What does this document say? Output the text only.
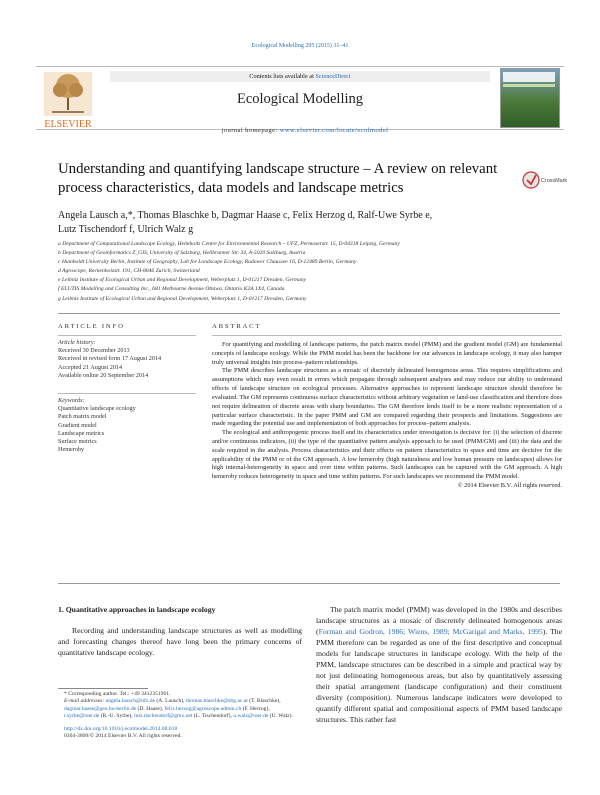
Ecological Modelling 295 (2015) 31–41
ELSEVIER
Contents lists available at ScienceDirect
Ecological Modelling
journal homepage: www.elsevier.com/locate/ecolmodel
Understanding and quantifying landscape structure – A review on relevant process characteristics, data models and landscape metrics	CrossMark
Angela Lausch a,*, Thomas Blaschke b, Dagmar Haase c, Felix Herzog d, Ralf-Uwe Syrbe e,
Lutz Tischendorf f, Ulrich Walz g
a Department of Computational Landscape Ecology, Helmholtz Centre for Environmental Research – UFZ, Permoserstr. 15, D-04318 Leipzig, Germany
b Department of Geoinformatics Z_GIS, University of Salzburg, Hellbrunner Str. 34, A-5020 Salzburg, Austria
c Humboldt University Berlin, Institute of Geography, Lab for Landscape Ecology, Rudower Chaussee 16, D-12489 Berlin, Germany
d Agroscope, Reckenholzstr. 191, CH-8046 Zurich, Switzerland
e Leibniz Institute of Ecological Urban and Regional Development, Weberplatz 1, D-01217 Dresden, Germany
f ELUTIS Modelling and Consulting Inc., 681 Melbourne Avenue Ottawa, Ontario K2A 1X4, Canada
g Leibniz Institute of Ecological Urban and Regional Development, Weberplatz 1, D-01217 Dresden, Germany
ARTICLE INFO
Article history:
Received 30 December 2013
Received in revised form 17 August 2014
Accepted 21 August 2014
Available online 20 September 2014
Keywords:
Quantitative landscape ecology
Patch matrix model
Gradient model
Landscape metrics
Surface metrics
Hemeroby
ABSTRACT

For quantifying and modelling of landscape patterns, the patch matrix model (PMM) and the gradient model (GM) are fundamental concepts of landscape ecology. While the PMM model has been the backbone for our advances in landscape ecology, it may also hamper truly universal insights into process–pattern relationships.

The PMM describes landscape structures as a mosaic of discretely delineated homogenous areas. This requires simplifications and assumptions which may even result in errors which propagate through subsequent analyses and may reduce our ability to understand effects of landscape structure on ecological processes. Alternative approaches to represent landscape structure should therefore be evaluated. The GM represents continuous surface characteristics without arbitrary vegetation or land-use classification and therefore does not require delineation of discrete areas with sharp boundaries. The GM therefore lends itself to be a more realistic representation of a particular surface characteristic. In the paper PMM and GM are compared regarding their prospects and limitations. Suggestions are made regarding the potential use and implementation of both approaches for process–pattern analysis.

The ecological and anthropogenic process itself and its characteristics under investigation is decisive for: (i) the selection of discrete and/or continuous indicators, (ii) the type of the quantitative pattern analysis approach to be used (PMM/GM) and (iii) the data and the scale required in the analysis. Process characteristics and their effects on pattern characteristics in space and time are decisive for the applicability of the PMM or of the GM approach. A low hemeroby (high naturalness and low human pressure on landscapes) allows for high internal-heterogeneity in space and over time within patterns. Such landscapes can be captured with the GM approach. A high hemeroby reduces heterogeneity in space and time within patterns. For such landscapes we recommend the PMM model.

© 2014 Elsevier B.V. All rights reserved.
1. Quantitative approaches in landscape ecology

Recording and understanding landscape structures as well as modelling and forecasting changes thereof have long been the primary concerns of quantitative landscape ecology.

* Corresponding author. Tel.: +49 3412351961.
E-mail addresses: angela.lausch@ufz.de (A. Lausch), thomas.blaschke@sbg.ac.at (T. Blaschke), dagmar.haase@geo.hu-berlin.de (D. Haase), felix.herzog@agroscope.admin.ch (F. Herzog), r.syrbe@ioer.de (R.-U. Syrbe), lutz.tischendorf@gmx.net (L. Tischendorf), u.walz@ioer.de (U. Walz).
http://dx.doi.org/10.1016/j.ecolmodel.2014.08.018
0304-3800/© 2014 Elsevier B.V. All rights reserved.

The patch matrix model (PMM) was developed in the 1980s and describes landscape structures as a mosaic of discretely delineated homogenous areas (Forman and Godron, 1986; Wiens, 1989; McGarigal and Marks, 1995). The PMM therefore can be regarded as one of the first descriptive and conceptual models for landscape structures in landscape ecology. With the help of the PMM, landscape structures can be described in a simple and practical way by not just delineating homogeneous areas, but also by quantitatively assessing their spatial arrangement (landscape configuration) and their constituent diversity (composition). Numerous landscape indicators were developed to quantify different spatial and compositional aspects of PMM based landscape structures. This rather fast
